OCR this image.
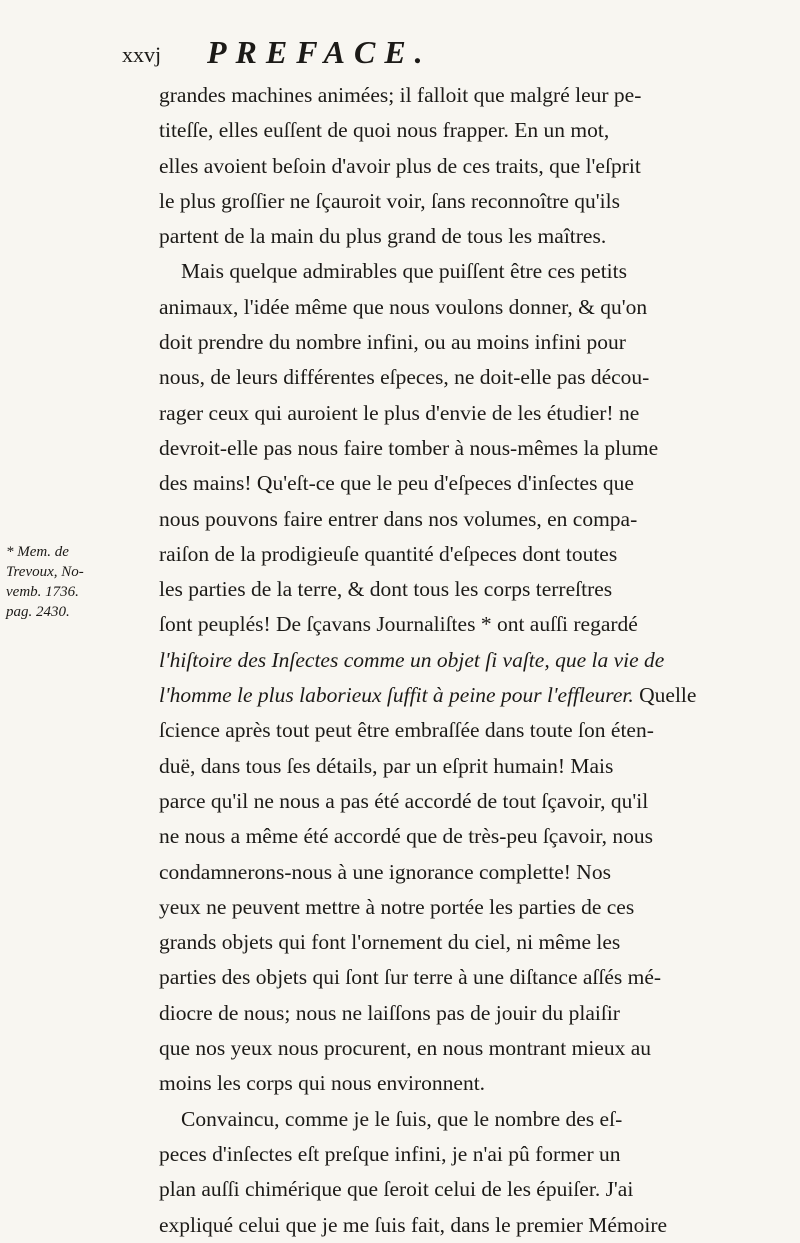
xxvj PREFACE.
* Mem. de
Trevoux, No-
vemb. 1736.
pag. 2430.
grandes machines animées; il falloit que malgré leur pe-
titeſſe, elles euſſent de quoi nous frapper. En un mot,
elles avoient beſoin d'avoir plus de ces traits, que l'eſprit
le plus groſſier ne ſçauroit voir, ſans reconnoître qu'ils
partent de la main du plus grand de tous les maîtres.
Mais quelque admirables que puiſſent être ces petits
animaux, l'idée même que nous voulons donner, & qu'on
doit prendre du nombre infini, ou au moins infini pour
nous, de leurs différentes eſpeces, ne doit-elle pas décou-
rager ceux qui auroient le plus d'envie de les étudier! ne
devroit-elle pas nous faire tomber à nous-mêmes la plume
des mains! Qu'eſt-ce que le peu d'eſpeces d'inſectes que
nous pouvons faire entrer dans nos volumes, en compa-
raiſon de la prodigieuſe quantité d'eſpeces dont toutes
les parties de la terre, & dont tous les corps terreſtres
ſont peuplés! De ſçavans Journaliſtes * ont auſſi regardé
l'hiſtoire des Inſectes comme un objet ſi vaſte, que la vie de
l'homme le plus laborieux ſuffit à peine pour l'effleurer. Quelle
ſcience après tout peut être embraſſée dans toute ſon éten-
duë, dans tous ſes détails, par un eſprit humain! Mais
parce qu'il ne nous a pas été accordé de tout ſçavoir, qu'il
ne nous a même été accordé que de très-peu ſçavoir, nous
condamnerons-nous à une ignorance complette! Nos
yeux ne peuvent mettre à notre portée les parties de ces
grands objets qui font l'ornement du ciel, ni même les
parties des objets qui ſont ſur terre à une diſtance aſſés mé-
diocre de nous; nous ne laiſſons pas de jouir du plaiſir
que nos yeux nous procurent, en nous montrant mieux au
moins les corps qui nous environnent.
Convaincu, comme je le ſuis, que le nombre des eſ-
peces d'inſectes eſt preſque infini, je n'ai pû former un
plan auſſi chimérique que ſeroit celui de les épuiſer. J'ai
expliqué celui que je me ſuis fait, dans le premier Mémoire
